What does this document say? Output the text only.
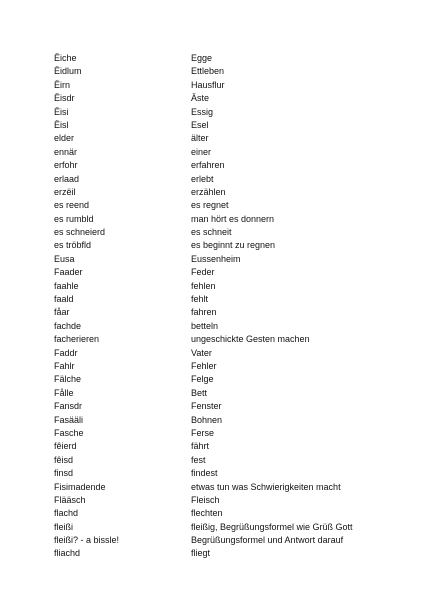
Ëiche	Egge
Ëidlum	Ettleben
Ëirn	Hausflur
Ëisdr	Äste
Ëisi	Essig
Ëisl	Esel
elder	älter
ennär	einer
erfohr	erfahren
erlaad	erlebt
erzëil	erzählen
es reend	es regnet
es rumbld	man hört es donnern
es schneierd	es schneit
es tröbfld	es beginnt zu regnen
Eusa	Eussenheim
Faader	Feder
faahle	fehlen
faald	fehlt
fåar	fahren
fachde	betteln
facherieren	ungeschickte Gesten machen
Faddr	Vater
Fahlr	Fehler
Fälche	Felge
Fålle	Bett
Fansdr	Fenster
Fasääli	Bohnen
Fasche	Ferse
fêierd	fährt
fêisd	fest
finsd	findest
Fisimadende	etwas tun was Schwierigkeiten macht
Flääsch	Fleisch
flachd	flechten
fleißi	fleißig, Begrüßungsformel wie Grüß Gott
fleißi? - a bissle!	Begrüßungsformel und Antwort darauf
fliachd	fliegt
